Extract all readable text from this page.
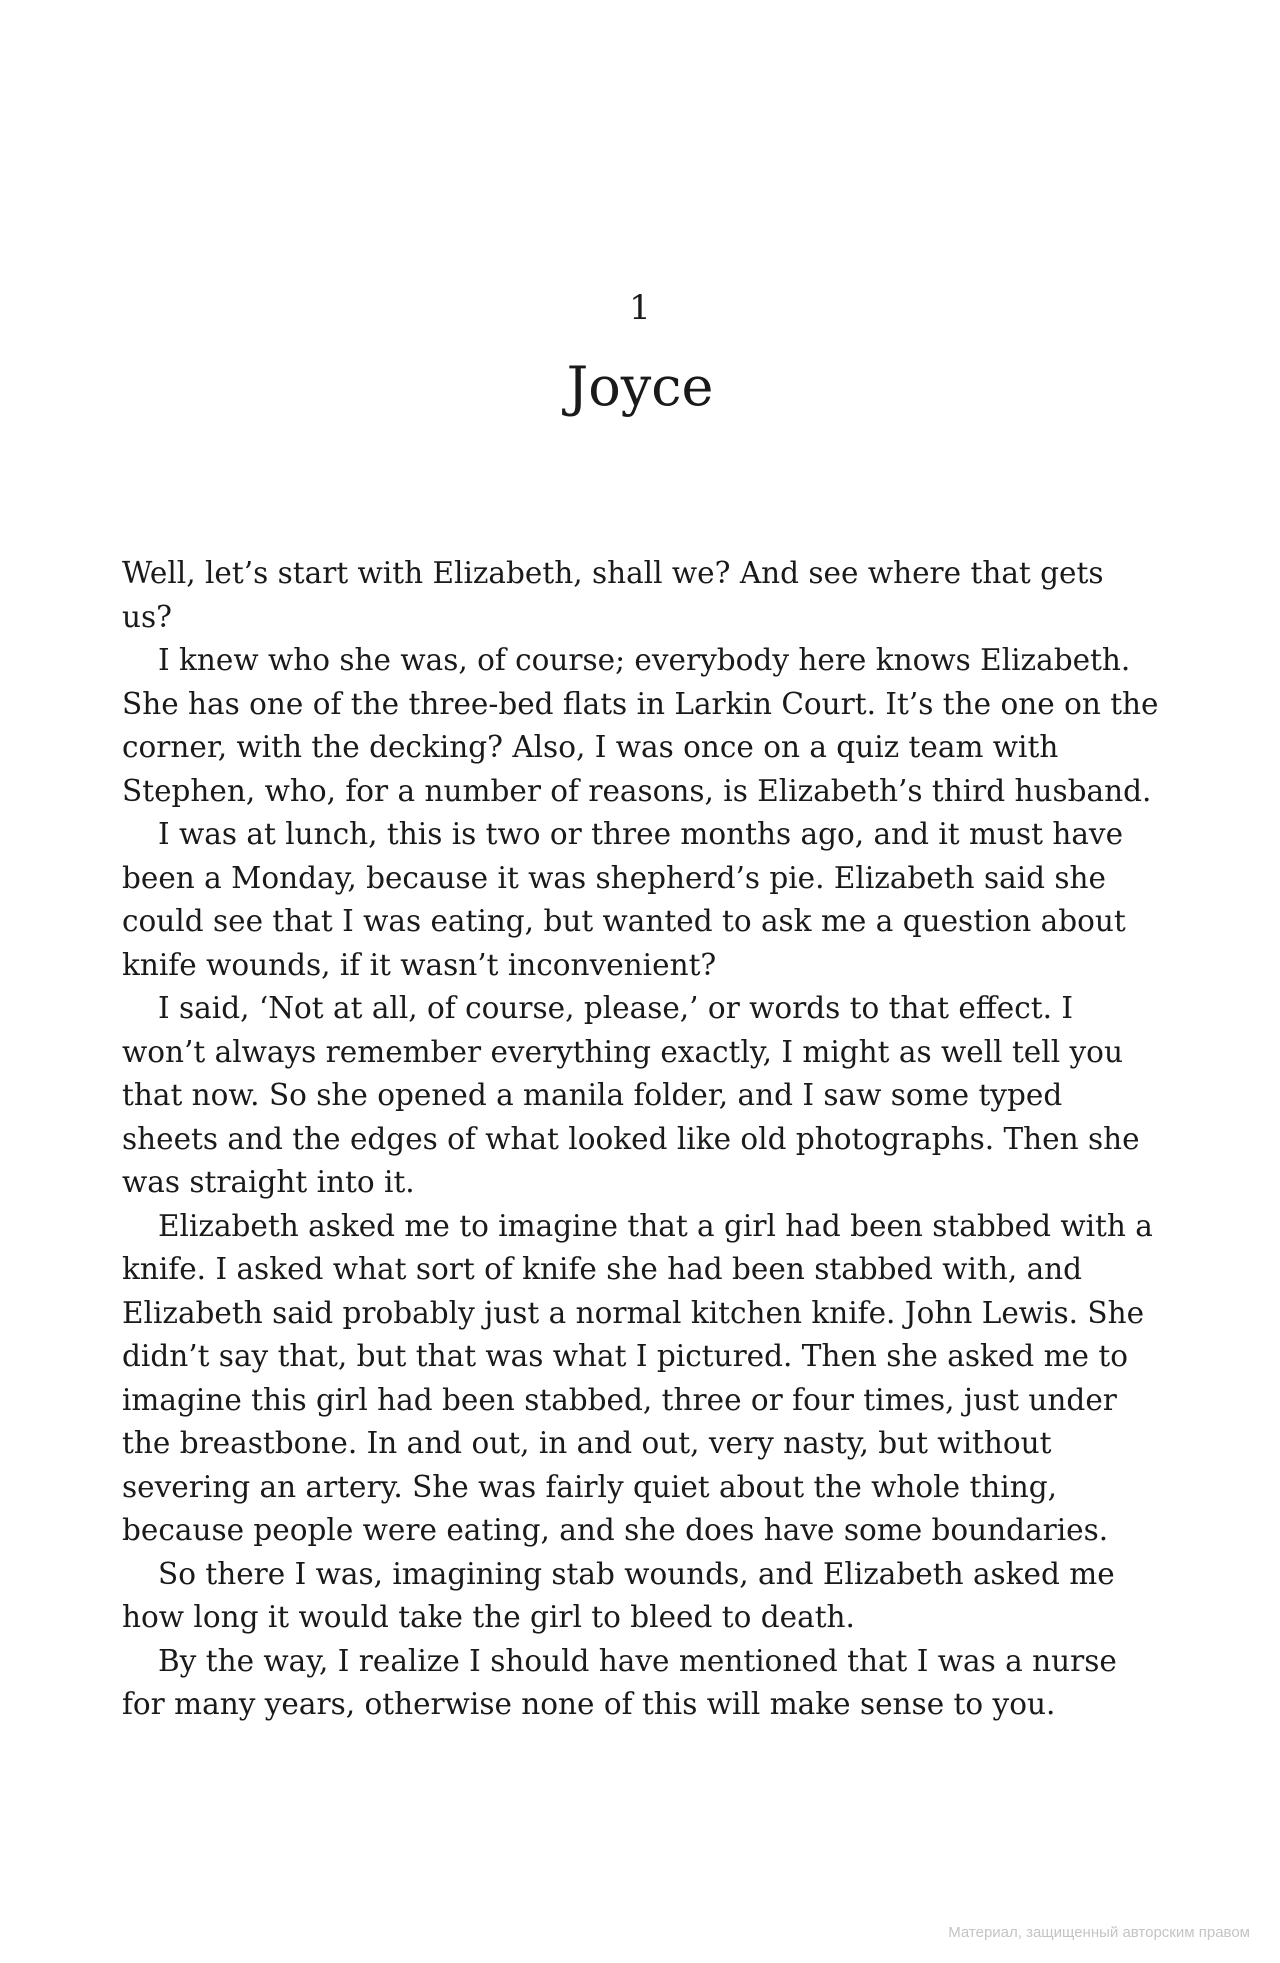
1
Joyce

Well, let’s start with Elizabeth, shall we? And see where that gets us?

I knew who she was, of course; everybody here knows Elizabeth. She has one of the three-bed flats in Larkin Court. It’s the one on the corner, with the decking? Also, I was once on a quiz team with Stephen, who, for a number of reasons, is Elizabeth’s third husband.

I was at lunch, this is two or three months ago, and it must have been a Monday, because it was shepherd’s pie. Elizabeth said she could see that I was eating, but wanted to ask me a question about knife wounds, if it wasn’t inconvenient?

I said, ‘Not at all, of course, please,’ or words to that effect. I won’t always remember everything exactly, I might as well tell you that now. So she opened a manila folder, and I saw some typed sheets and the edges of what looked like old photographs. Then she was straight into it.

Elizabeth asked me to imagine that a girl had been stabbed with a knife. I asked what sort of knife she had been stabbed with, and Elizabeth said probably just a normal kitchen knife. John Lewis. She didn’t say that, but that was what I pictured. Then she asked me to imagine this girl had been stabbed, three or four times, just under the breastbone. In and out, in and out, very nasty, but without severing an artery. She was fairly quiet about the whole thing, because people were eating, and she does have some boundaries.

So there I was, imagining stab wounds, and Elizabeth asked me how long it would take the girl to bleed to death.

By the way, I realize I should have mentioned that I was a nurse for many years, otherwise none of this will make sense to you.

Материал, защищенный авторским правом
